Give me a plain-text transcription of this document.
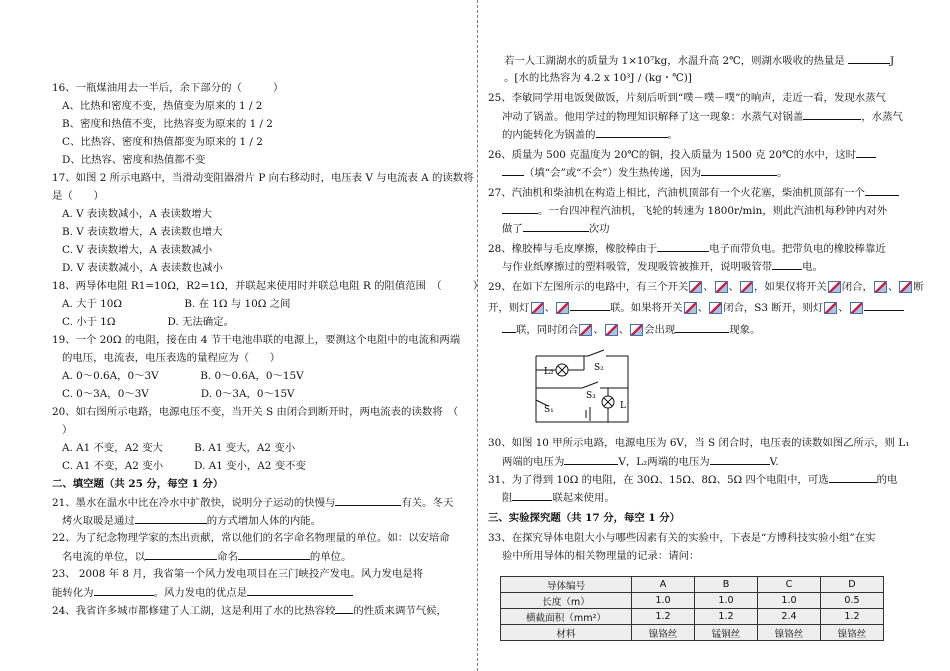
16、一瓶煤油用去一半后，余下部分的（　　　）
A、比热和密度不变，热值变为原来的 1 / 2
B、密度和热值不变，比热容变为原来的 1 / 2
C、比热容、密度和热值都变为原来的 1 / 2
D、比热容、密度和热值都不变
17、如图 2 所示电路中，当滑动变阻器滑片 P 向右移动时，电压表 V 与电流表 A 的读数将
是（　　）
A. V 表读数减小，A 表读数增大
B. V 表读数增大，A 表读数也增大
C. V 表读数增大，A 表读数减小
D. V 表读数减小，A 表读数也减小
18、两导体电阻 R1=10Ω，R2=1Ω，并联起来使用时并联总电阻 R 的阻值范围　（　　　）
A. 大于 10Ω　　　　　　B. 在 1Ω 与 10Ω 之间
C. 小于 1Ω　　　　　D. 无法确定。
19、一个 20Ω 的电阻，接在由 4 节干电池串联的电源上，要测这个电阻中的电流和两端
的电压，电流表，电压表选的量程应为（　　）
A. 0～0.6A，0～3V　　　　B. 0～0.6A，0～15V
C. 0～3A，0～3V　　　　　D. 0～3A，0～15V
20、如右图所示电路，电源电压不变，当开关 S 由闭合到断开时，两电流表的读数将　（
）
A. A1 不变，A2 变大　　　B. A1 变大，A2 变小
C. A1 不变，A2 变小　　　D. A1 变小，A2 变不变
二、填空题（共 25 分，每空 1 分）
21、墨水在温水中比在冷水中扩散快，说明分子运动的快慢与	有关。冬天
烤火取暖是通过	的方式增加人体的内能。
22、为了纪念物理学家的杰出贡献，常以他们的名字命名物理量的单位。如：以安培命
名电流的单位，以	命名	的单位。
23、 2008 年 8 月，我省第一个风力发电项目在三门峡投产发电。风力发电是将
能转化为	。风力发电的优点是
24、我省许多城市都修建了人工湖，这是利用了水的比热容较 的性质来调节气候，
若一人工湖湖水的质量为 1×10⁷kg，水温升高 2℃，则湖水吸收的热量是	J
。[水的比热容为 4.2 x 10³J / (kg・℃)]
25、李敏同学用电饭煲做饭，片刻后听到“噗－噗－噗”的响声，走近一看，发现水蒸气
冲动了锅盖。他用学过的物理知识解释了这一现象：水蒸气对锅盖	，水蒸气
的内能转化为锅盖的	。
26、质量为 500 克温度为 20℃的铜，投入质量为 1500 克 20℃的水中，这时
（填“会”或“不会”）发生热传递，因为	。
27、汽油机和柴油机在构造上相比，汽油机顶部有一个火花塞，柴油机顶部有一个
。一台四冲程汽油机，飞轮的转速为 1800r/min，则此汽油机每秒钟内对外
做了	次功
28、橡胶棒与毛皮摩擦，橡胶棒由于	电子而带负电。把带负电的橡胶棒靠近
与作业纸摩擦过的塑料吸管，发现吸管被推开，说明吸管带	电。
29、在如下左图所示的电路中，有三个开关 、 、 ，如果仅将开关 闭合， 、 断
开，则灯 、	联。如果将开关 、 闭合，S3 断开，则灯 、
联，同时闭合 、 、 会出现	现象。
L₂	S₂
S₃
S₁	L
30、如图 10 甲所示电路，电源电压为 6V，当 S 闭合时，电压表的读数如图乙所示，则 L₁
两端的电压为	V，L₂两端的电压为	V.
31、为了得到 10Ω 的电阻，在 30Ω、15Ω、8Ω、5Ω 四个电阻中，可选	的电
阻	联起来使用。
三、实验探究题（共 17 分，每空 1 分）
33、在探究导体电阻大小与哪些因素有关的实验中，下表是“方博科技实验小组”在实
验中所用导体的相关物理量的记录：请问：
导体编号	A	B	C	D
长度（m）	1.0	1.0	1.0	0.5
横截面积（mm²）	1.2	1.2	2.4	1.2
材料	镍铬丝	锰铜丝	镍铬丝	镍铬丝
